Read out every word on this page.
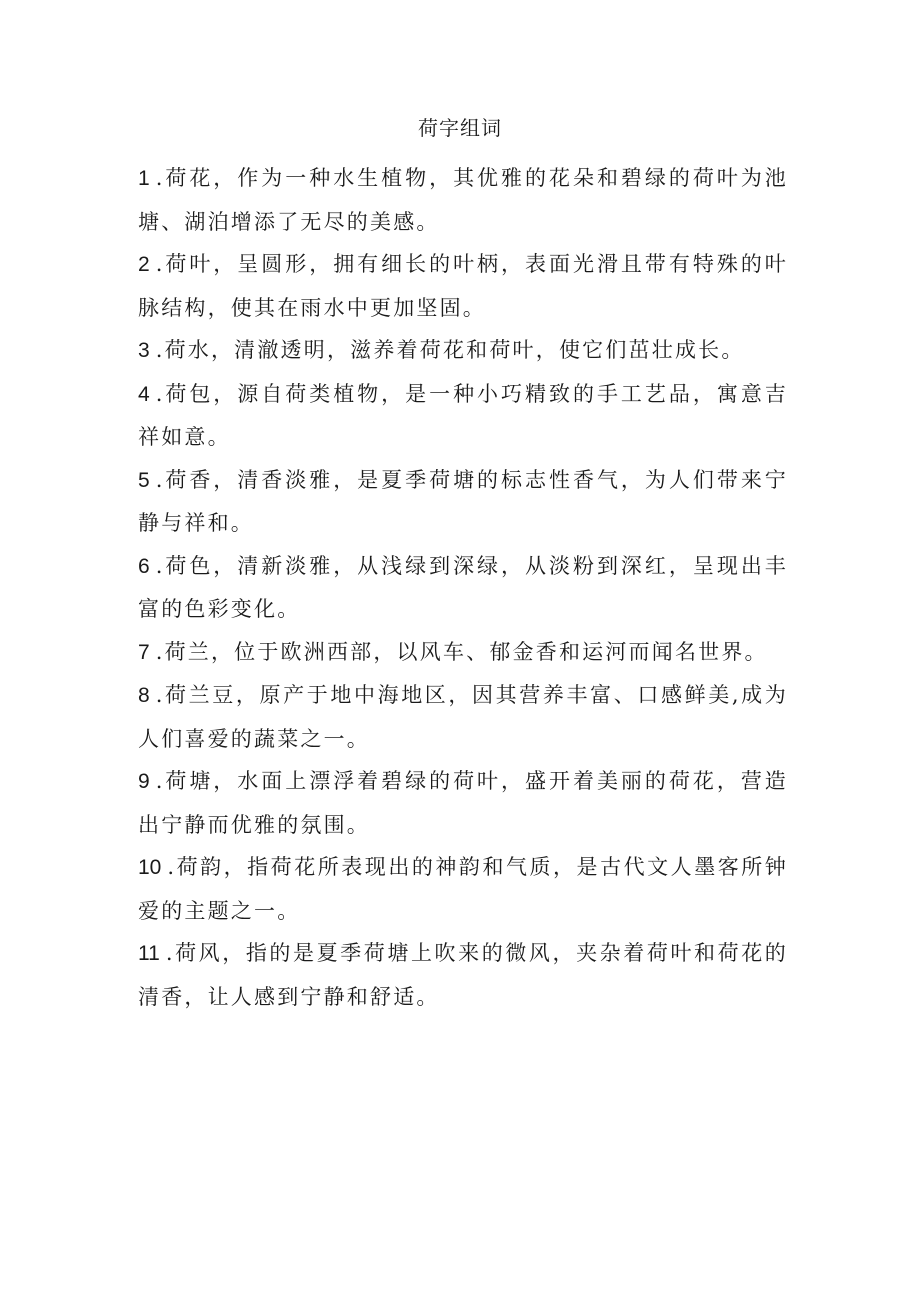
荷字组词
1 .荷花，作为一种水生植物，其优雅的花朵和碧绿的荷叶为池塘、湖泊增添了无尽的美感。
2 .荷叶，呈圆形，拥有细长的叶柄，表面光滑且带有特殊的叶脉结构，使其在雨水中更加坚固。
3 .荷水，清澈透明，滋养着荷花和荷叶，使它们茁壮成长。
4 .荷包，源自荷类植物，是一种小巧精致的手工艺品，寓意吉祥如意。
5 .荷香，清香淡雅，是夏季荷塘的标志性香气，为人们带来宁静与祥和。
6 .荷色，清新淡雅，从浅绿到深绿，从淡粉到深红，呈现出丰富的色彩变化。
7 .荷兰，位于欧洲西部，以风车、郁金香和运河而闻名世界。
8 .荷兰豆，原产于地中海地区，因其营养丰富、口感鲜美,成为人们喜爱的蔬菜之一。
9 .荷塘，水面上漂浮着碧绿的荷叶，盛开着美丽的荷花，营造出宁静而优雅的氛围。
10 .荷韵，指荷花所表现出的神韵和气质，是古代文人墨客所钟爱的主题之一。
11 .荷风，指的是夏季荷塘上吹来的微风，夹杂着荷叶和荷花的清香，让人感到宁静和舒适。
